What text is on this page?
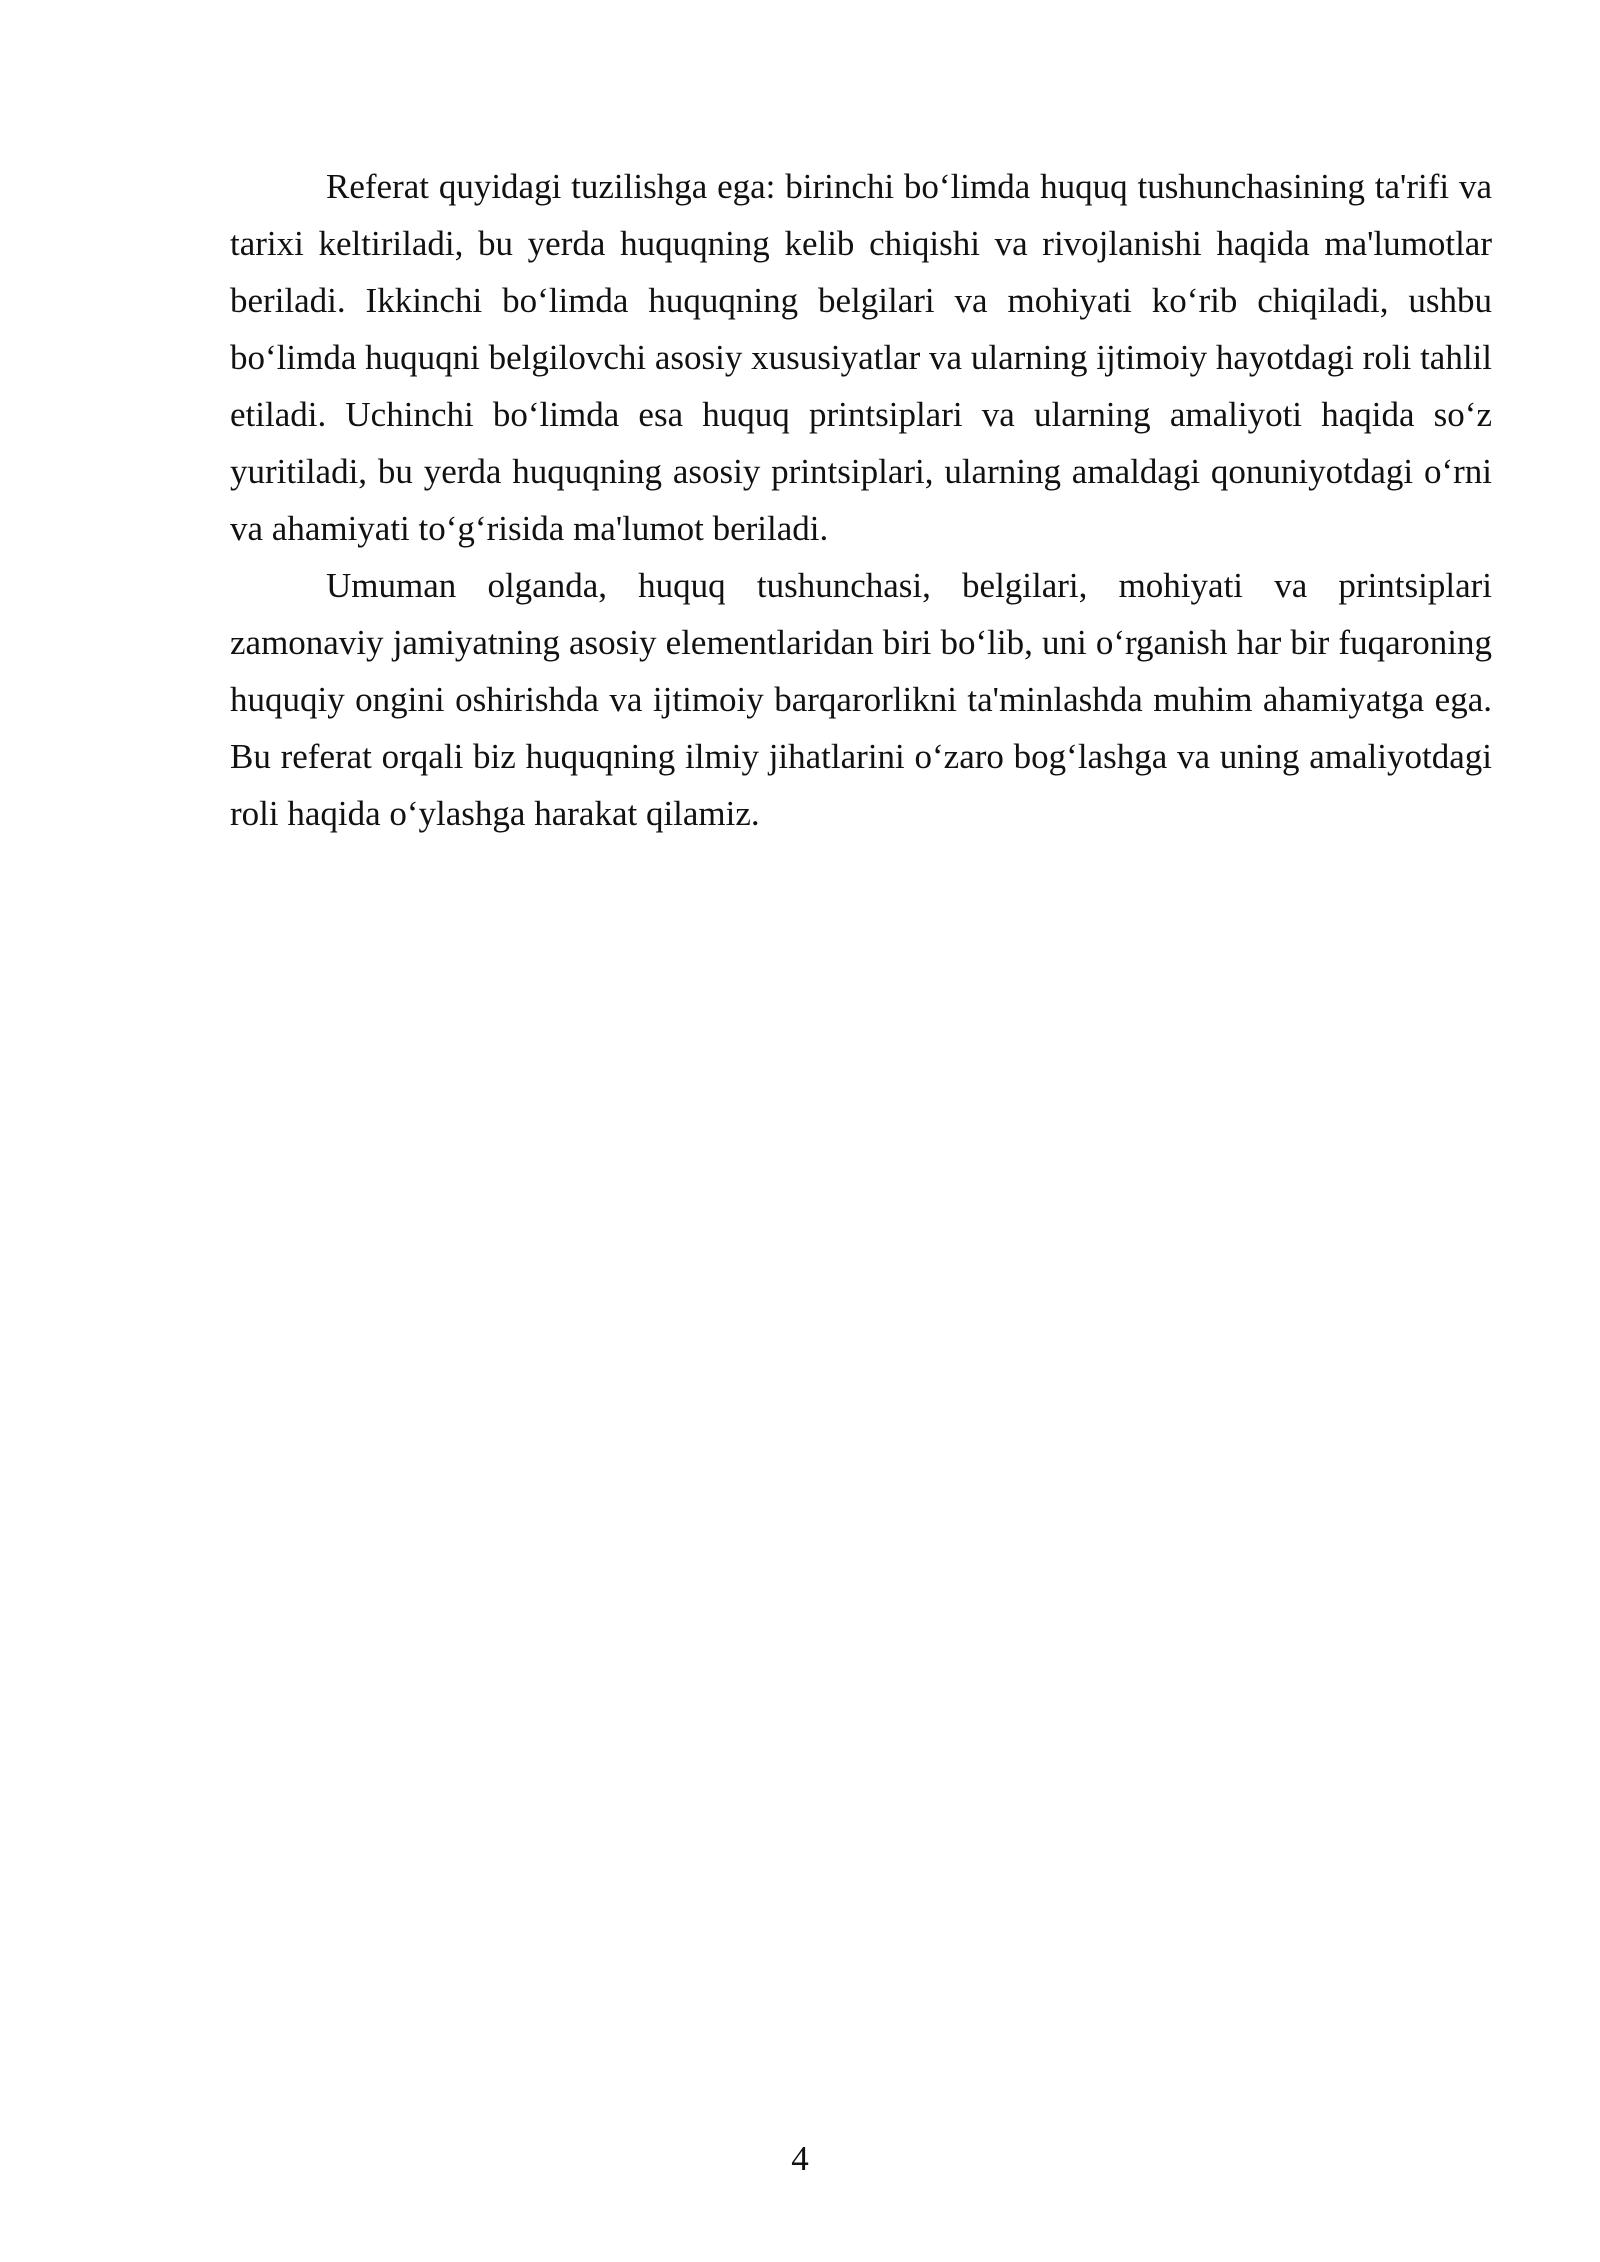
Referat quyidagi tuzilishga ega: birinchi bo‘limda huquq tushunchasining ta'rifi va tarixi keltiriladi, bu yerda huquqning kelib chiqishi va rivojlanishi haqida ma'lumotlar beriladi. Ikkinchi bo‘limda huquqning belgilari va mohiyati ko‘rib chiqiladi, ushbu bo‘limda huquqni belgilovchi asosiy xususiyatlar va ularning ijtimoiy hayotdagi roli tahlil etiladi. Uchinchi bo‘limda esa huquq printsiplari va ularning amaliyoti haqida so‘z yuritiladi, bu yerda huquqning asosiy printsiplari, ularning amaldagi qonuniyotdagi o‘rni va ahamiyati to‘g‘risida ma'lumot beriladi.

Umuman olganda, huquq tushunchasi, belgilari, mohiyati va printsiplari zamonaviy jamiyatning asosiy elementlaridan biri bo‘lib, uni o‘rganish har bir fuqaroning huquqiy ongini oshirishda va ijtimoiy barqarorlikni ta'minlashda muhim ahamiyatga ega. Bu referat orqali biz huquqning ilmiy jihatlarini o‘zaro bog‘lashga va uning amaliyotdagi roli haqida o‘ylashga harakat qilamiz.

4
